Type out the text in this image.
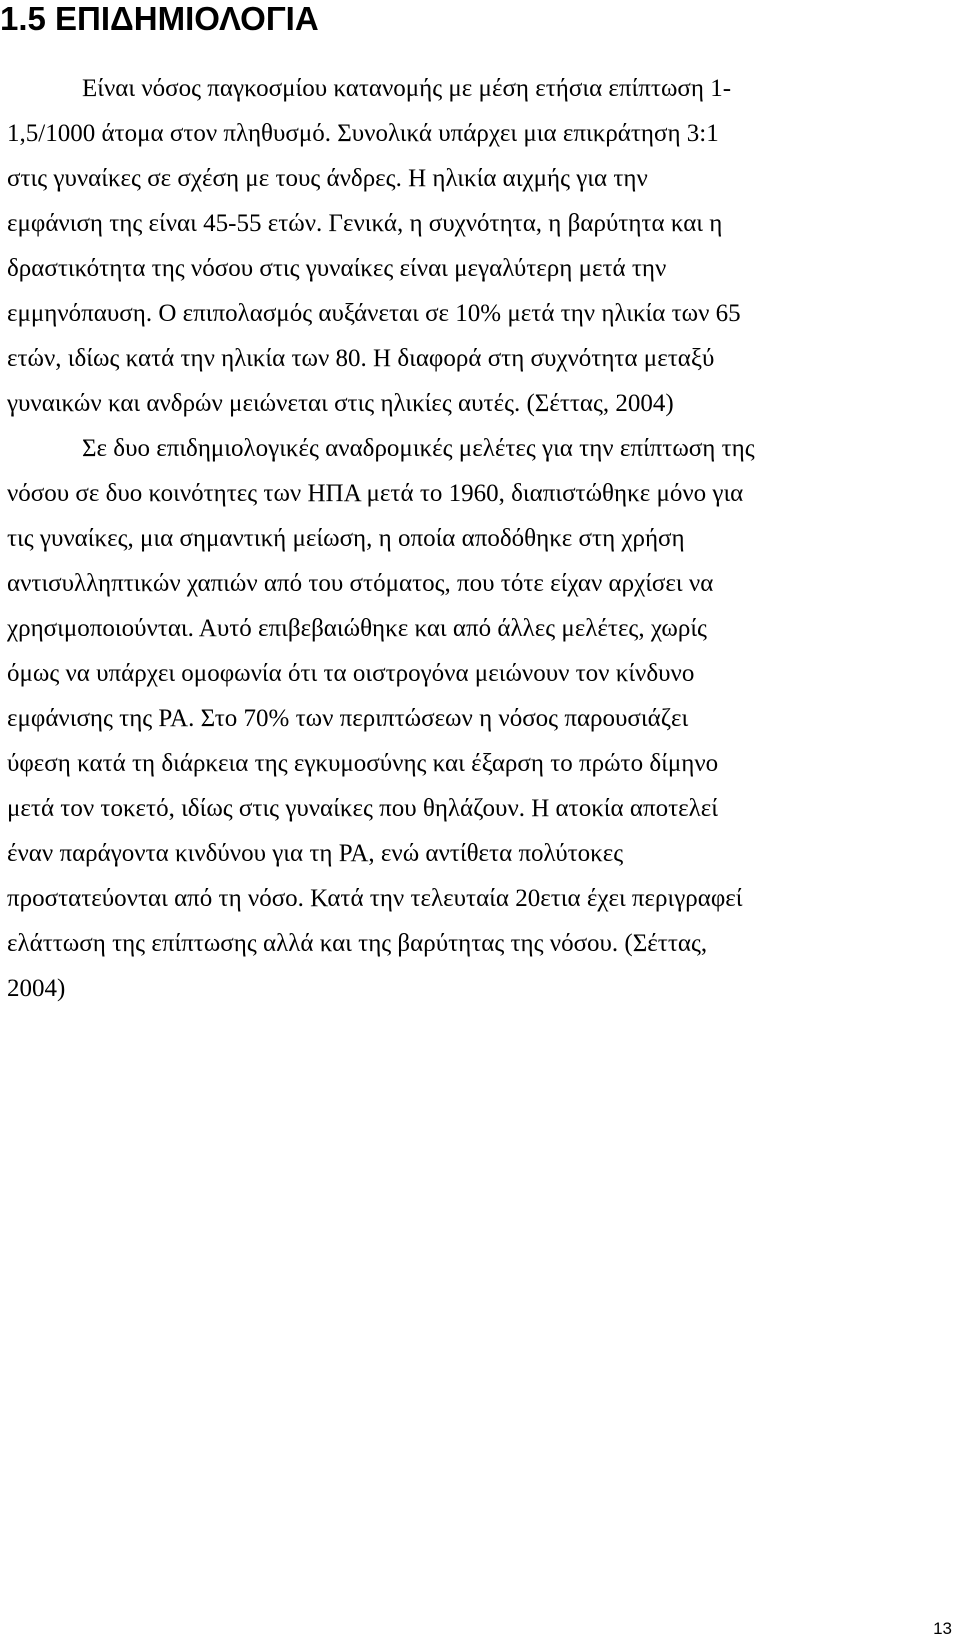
1.5 ΕΠΙΔΗΜΙΟΛΟΓΙΑ
Είναι νόσος παγκοσμίου κατανομής με μέση ετήσια επίπτωση 1-
1,5/1000 άτομα στον πληθυσμό. Συνολικά υπάρχει μια επικράτηση 3:1
στις γυναίκες σε σχέση με τους άνδρες. Η ηλικία αιχμής για την
εμφάνιση της είναι 45-55 ετών. Γενικά, η συχνότητα, η βαρύτητα και η
δραστικότητα της νόσου στις γυναίκες είναι μεγαλύτερη μετά την
εμμηνόπαυση. Ο επιπολασμός αυξάνεται σε 10% μετά την ηλικία των 65
ετών, ιδίως κατά την ηλικία των 80. Η διαφορά στη συχνότητα μεταξύ
γυναικών και ανδρών μειώνεται στις ηλικίες αυτές. (Σέττας, 2004)
Σε δυο επιδημιολογικές αναδρομικές μελέτες για την επίπτωση της
νόσου σε δυο κοινότητες των ΗΠΑ μετά το 1960, διαπιστώθηκε μόνο για
τις γυναίκες, μια σημαντική μείωση, η οποία αποδόθηκε στη χρήση
αντισυλληπτικών χαπιών από του στόματος, που τότε είχαν αρχίσει να
χρησιμοποιούνται. Αυτό επιβεβαιώθηκε και από άλλες μελέτες, χωρίς
όμως να υπάρχει ομοφωνία ότι τα οιστρογόνα μειώνουν τον κίνδυνο
εμφάνισης της ΡΑ. Στο 70% των περιπτώσεων η νόσος παρουσιάζει
ύφεση κατά τη διάρκεια της εγκυμοσύνης και έξαρση το πρώτο δίμηνο
μετά τον τοκετό, ιδίως στις γυναίκες που θηλάζουν. Η ατοκία αποτελεί
έναν παράγοντα κινδύνου για τη ΡΑ, ενώ αντίθετα πολύτοκες
προστατεύονται από τη νόσο. Κατά την τελευταία 20ετια έχει περιγραφεί
ελάττωση της επίπτωσης αλλά και της βαρύτητας της νόσου. (Σέττας,
2004)
13
